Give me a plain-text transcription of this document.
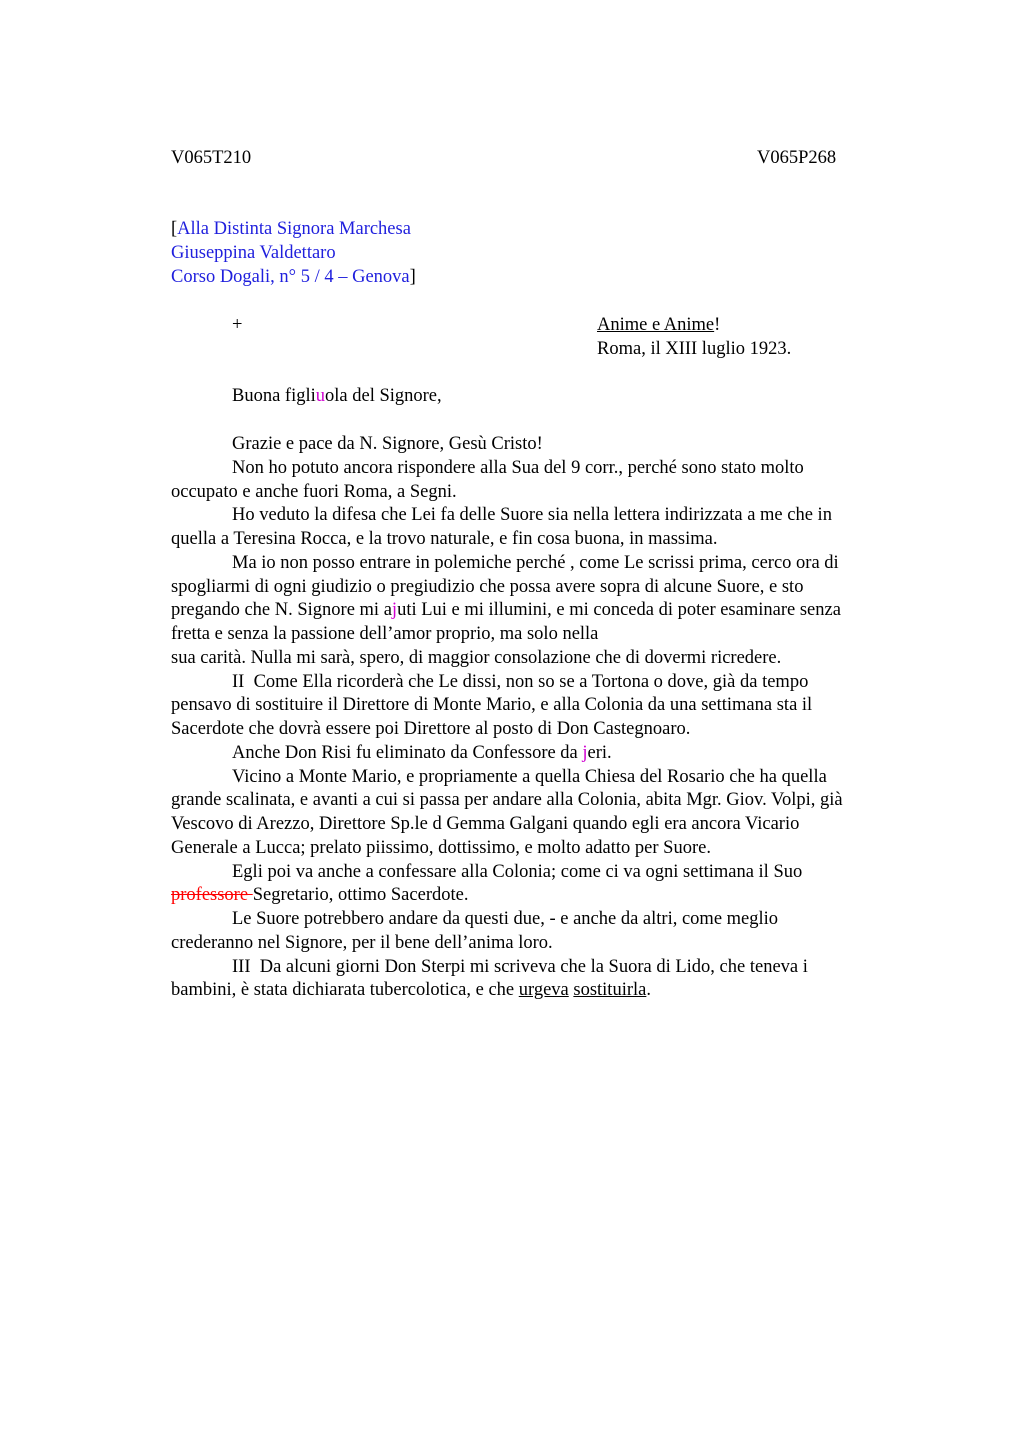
V065T210	V065P268
[Alla Distinta Signora Marchesa
Giuseppina Valdettaro
Corso Dogali, n° 5 / 4 – Genova]
+	Anime e Anime!
Roma, il XIII luglio 1923.
Buona figliuola del Signore,
Grazie e pace da N. Signore, Gesù Cristo!
Non ho potuto ancora rispondere alla Sua del 9 corr., perché sono stato molto
occupato e anche fuori Roma, a Segni.
Ho veduto la difesa che Lei fa delle Suore sia nella lettera indirizzata a me che in
quella a Teresina Rocca, e la trovo naturale, e fin cosa buona, in massima.
Ma io non posso entrare in polemiche perché , come Le scrissi prima, cerco ora di
spogliarmi di ogni giudizio o pregiudizio che possa avere sopra di alcune Suore, e sto
pregando che N. Signore mi ajuti Lui e mi illumini, e mi conceda di poter esaminare senza
fretta e senza la passione dell’amor proprio, ma solo nella
sua carità. Nulla mi sarà, spero, di maggior consolazione che di dovermi ricredere.
II  Come Ella ricorderà che Le dissi, non so se a Tortona o dove, già da tempo
pensavo di sostituire il Direttore di Monte Mario, e alla Colonia da una settimana sta il
Sacerdote che dovrà essere poi Direttore al posto di Don Castegnoaro.
Anche Don Risi fu eliminato da Confessore da jeri.
Vicino a Monte Mario, e propriamente a quella Chiesa del Rosario che ha quella
grande scalinata, e avanti a cui si passa per andare alla Colonia, abita Mgr. Giov. Volpi, già
Vescovo di Arezzo, Direttore Sp.le d Gemma Galgani quando egli era ancora Vicario
Generale a Lucca; prelato piissimo, dottissimo, e molto adatto per Suore.
Egli poi va anche a confessare alla Colonia; come ci va ogni settimana il Suo
professore Segretario, ottimo Sacerdote.
Le Suore potrebbero andare da questi due, - e anche da altri, come meglio
crederanno nel Signore, per il bene dell’anima loro.
III  Da alcuni giorni Don Sterpi mi scriveva che la Suora di Lido, che teneva i
bambini, è stata dichiarata tubercolotica, e che urgeva sostituirla.
